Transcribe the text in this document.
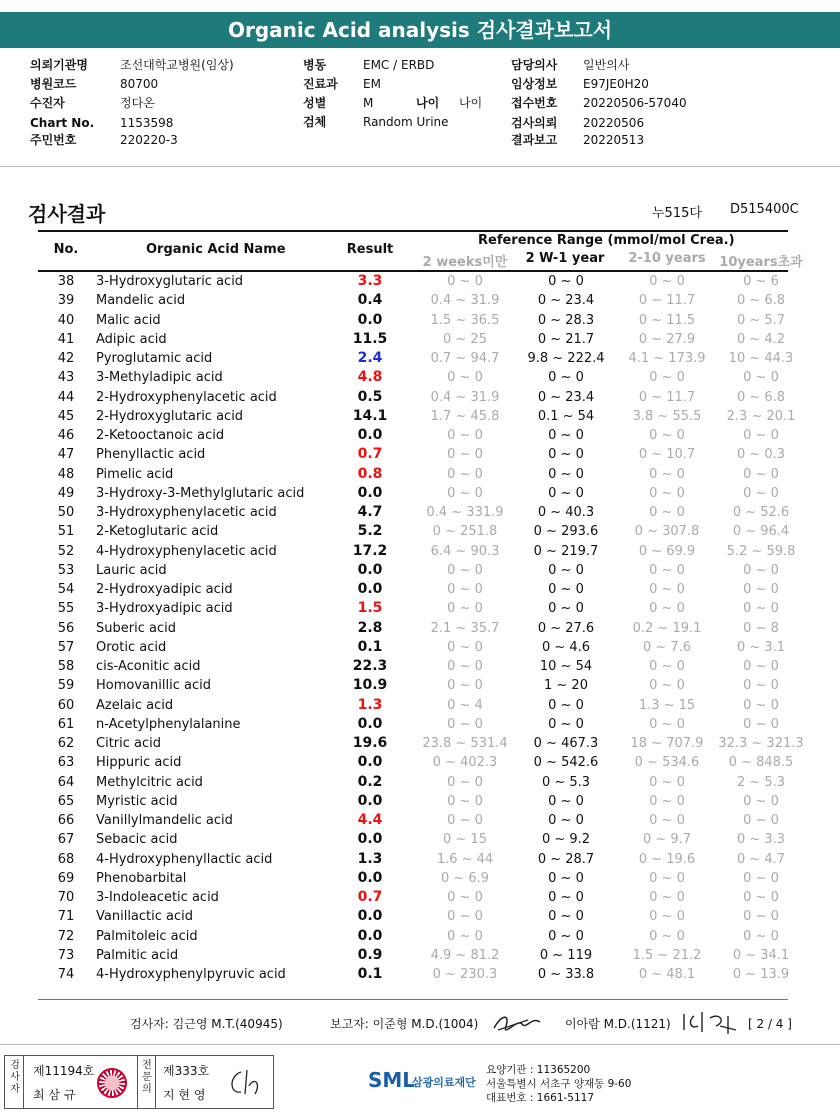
Organic Acid analysis 검사결과보고서
의뢰기관명	조선대학교병원(임상)
병원코드	80700
수진자	정다온
Chart No. 1153598
주민번호	220220-3
병동	EMC / ERBD
진료과 EM
성별	M	나이 나이
검체	Random Urine
담당의사 일반의사
임상정보 E97JE0H20
접수번호 20220506-57040
검사의뢰 20220506
결과보고 20220513
검사결과	누515다 D515400C
No.	Organic Acid Name	Result
Reference Range (mmol/mol Crea.)
2 weeks미만	2 W-1 year	2-10 years	10years초과
38	3-Hydroxyglutaric acid	3.3	0 ~ 0	0 ~ 0	0 ~ 0	0 ~ 6
39	Mandelic acid	0.4	0.4 ~ 31.9	0 ~ 23.4	0 ~ 11.7	0 ~ 6.8
40	Malic acid	0.0	1.5 ~ 36.5	0 ~ 28.3	0 ~ 11.5	0 ~ 5.7
41	Adipic acid	11.5	0 ~ 25	0 ~ 21.7	0 ~ 27.9	0 ~ 4.2
42	Pyroglutamic acid	2.4	0.7 ~ 94.7	9.8 ~ 222.4	4.1 ~ 173.9	10 ~ 44.3
43	3-Methyladipic acid	4.8	0 ~ 0	0 ~ 0	0 ~ 0	0 ~ 0
44	2-Hydroxyphenylacetic acid	0.5	0.4 ~ 31.9	0 ~ 23.4	0 ~ 11.7	0 ~ 6.8
45	2-Hydroxyglutaric acid	14.1	1.7 ~ 45.8	0.1 ~ 54	3.8 ~ 55.5	2.3 ~ 20.1
46	2-Ketooctanoic acid	0.0	0 ~ 0	0 ~ 0	0 ~ 0	0 ~ 0
47	Phenyllactic acid	0.7	0 ~ 0	0 ~ 0	0 ~ 10.7	0 ~ 0.3
48	Pimelic acid	0.8	0 ~ 0	0 ~ 0	0 ~ 0	0 ~ 0
49	3-Hydroxy-3-Methylglutaric acid	0.0	0 ~ 0	0 ~ 0	0 ~ 0	0 ~ 0
50	3-Hydroxyphenylacetic acid	4.7	0.4 ~ 331.9	0 ~ 40.3	0 ~ 0	0 ~ 52.6
51	2-Ketoglutaric acid	5.2	0 ~ 251.8	0 ~ 293.6	0 ~ 307.8	0 ~ 96.4
52	4-Hydroxyphenylacetic acid	17.2	6.4 ~ 90.3	0 ~ 219.7	0 ~ 69.9	5.2 ~ 59.8
53	Lauric acid	0.0	0 ~ 0	0 ~ 0	0 ~ 0	0 ~ 0
54	2-Hydroxyadipic acid	0.0	0 ~ 0	0 ~ 0	0 ~ 0	0 ~ 0
55	3-Hydroxyadipic acid	1.5	0 ~ 0	0 ~ 0	0 ~ 0	0 ~ 0
56	Suberic acid	2.8	2.1 ~ 35.7	0 ~ 27.6	0.2 ~ 19.1	0 ~ 8
57	Orotic acid	0.1	0 ~ 0	0 ~ 4.6	0 ~ 7.6	0 ~ 3.1
58	cis-Aconitic acid	22.3	0 ~ 0	10 ~ 54	0 ~ 0	0 ~ 0
59	Homovanillic acid	10.9	0 ~ 0	1 ~ 20	0 ~ 0	0 ~ 0
60	Azelaic acid	1.3	0 ~ 4	0 ~ 0	1.3 ~ 15	0 ~ 0
61	n-Acetylphenylalanine	0.0	0 ~ 0	0 ~ 0	0 ~ 0	0 ~ 0
62	Citric acid	19.6	23.8 ~ 531.4	0 ~ 467.3	18 ~ 707.9	32.3 ~ 321.3
63	Hippuric acid	0.0	0 ~ 402.3	0 ~ 542.6	0 ~ 534.6	0 ~ 848.5
64	Methylcitric acid	0.2	0 ~ 0	0 ~ 5.3	0 ~ 0	2 ~ 5.3
65	Myristic acid	0.0	0 ~ 0	0 ~ 0	0 ~ 0	0 ~ 0
66	Vanillylmandelic acid	4.4	0 ~ 0	0 ~ 0	0 ~ 0	0 ~ 0
67	Sebacic acid	0.0	0 ~ 15	0 ~ 9.2	0 ~ 9.7	0 ~ 3.3
68	4-Hydroxyphenyllactic acid	1.3	1.6 ~ 44	0 ~ 28.7	0 ~ 19.6	0 ~ 4.7
69	Phenobarbital	0.0	0 ~ 6.9	0 ~ 0	0 ~ 0	0 ~ 0
70	3-Indoleacetic acid	0.7	0 ~ 0	0 ~ 0	0 ~ 0	0 ~ 0
71	Vanillactic acid	0.0	0 ~ 0	0 ~ 0	0 ~ 0	0 ~ 0
72	Palmitoleic acid	0.0	0 ~ 0	0 ~ 0	0 ~ 0	0 ~ 0
73	Palmitic acid	0.9	4.9 ~ 81.2	0 ~ 119	1.5 ~ 21.2	0 ~ 34.1
74	4-Hydroxyphenylpyruvic acid	0.1	0 ~ 230.3	0 ~ 33.8	0 ~ 48.1	0 ~ 13.9
검사자: 김근영 M.T.(40945)	보고자: 이준형 M.D.(1004)	이아람 M.D.(1121)	[ 2 / 4 ]
검사자
제11194호
최 삼 규
전문의
제333호
지 현 영
SML
삼광의료재단
요양기관 : 11365200
서울특별시 서초구 양재동 9-60
대표번호 : 1661-5117
